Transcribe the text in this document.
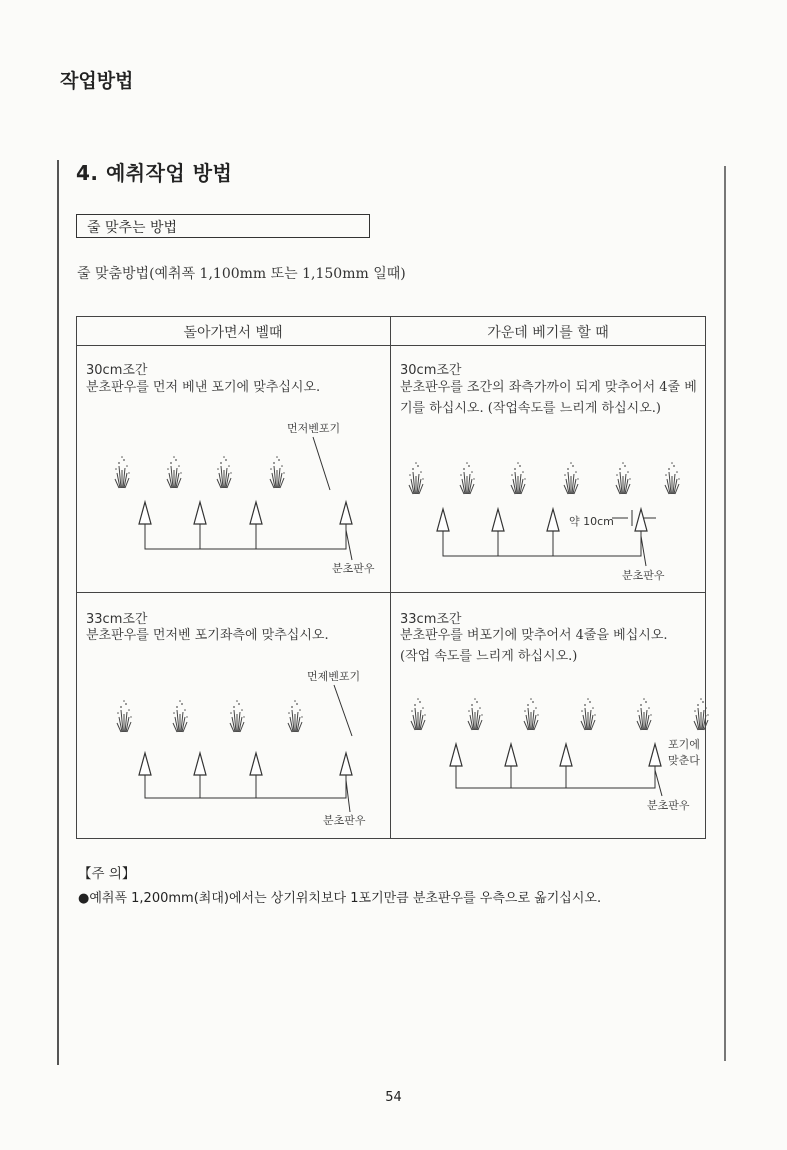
작업방법
4. 예취작업 방법
줄 맞추는 방법
줄 맞춤방법(예취폭 1,100mm 또는 1,150mm 일때)
돌아가면서 벨때	가운데 베기를 할 때
30cm조간
분초판우를 먼저 베낸 포기에 맞추십시오.
먼저벤포기
분초판우
30cm조간
분초판우를 조간의 좌측가까이 되게 맞추어서 4줄 베
기를 하십시오. (작업속도를 느리게 하십시오.)
약 10cm
분초판우
33cm조간
분초판우를 먼저벤 포기좌측에 맞추십시오.
먼제벤포기
분초판우
33cm조간
분초판우를 벼포기에 맞추어서 4줄을 베십시오.
(작업 속도를 느리게 하십시오.)
포기에
맞춘다
분초판우
【주 의】
●예취폭 1,200mm(최대)에서는 상기위치보다 1포기만큼 분초판우를 우측으로 옮기십시오.
54
